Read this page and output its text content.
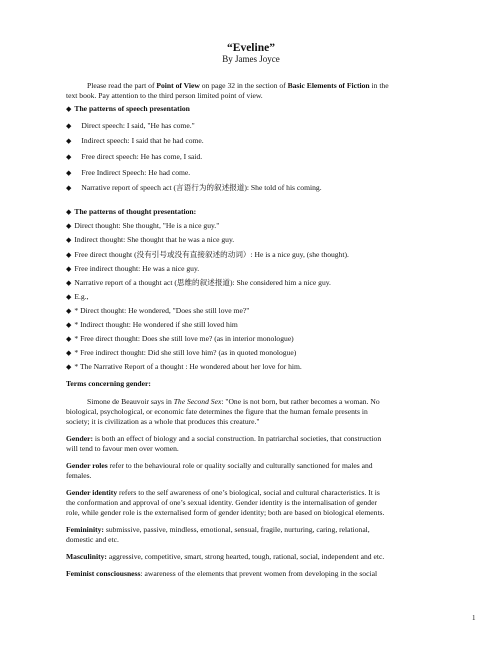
“Eveline”
By James Joyce
Please read the part of Point of View on page 32 in the section of Basic Elements of Fiction in the
text book. Pay attention to the third person limited point of view.
◆ The patterns of speech presentation
◆ Direct speech: I said, "He has come."
◆ Indirect speech: I said that he had come.
◆ Free direct speech: He has come, I said.
◆ Free Indirect Speech: He had come.
◆ Narrative report of speech act (言语行为的叙述报道): She told of his coming.
◆ The patterns of thought presentation:
◆ Direct thought: She thought, "He is a nice guy."
◆ Indirect thought: She thought that he was a nice guy.
◆ Free direct thought (没有引号或没有直接叙述的动词）: He is a nice guy, (she thought).
◆ Free indirect thought: He was a nice guy.
◆ Narrative report of a thought act (思维的叙述报道): She considered him a nice guy.
◆ E.g.,
◆ * Direct thought: He wondered, "Does she still love me?"
◆ * Indirect thought: He wondered if she still loved him
◆ * Free direct thought: Does she still love me? (as in interior monologue)
◆ * Free indirect thought: Did she still love him? (as in quoted monologue)
◆ * The Narrative Report of a thought : He wondered about her love for him.
Terms concerning gender:
Simone de Beauvoir says in The Second Sex: "One is not born, but rather becomes a woman. No
biological, psychological, or economic fate determines the figure that the human female presents in
society; it is civilization as a whole that produces this creature."
Gender: is both an effect of biology and a social construction. In patriarchal societies, that construction
will tend to favour men over women.
Gender roles refer to the behavioural role or quality socially and culturally sanctioned for males and
females.
Gender identity refers to the self awareness of one’s biological, social and cultural characteristics. It is
the conformation and approval of one’s sexual identity. Gender identity is the internalisation of gender
role, while gender role is the externalised form of gender identity; both are based on biological elements.
Femininity: submissive, passive, mindless, emotional, sensual, fragile, nurturing, caring, relational,
domestic and etc.
Masculinity: aggressive, competitive, smart, strong hearted, tough, rational, social, independent and etc.
Feminist consciousness: awareness of the elements that prevent women from developing in the social
1
